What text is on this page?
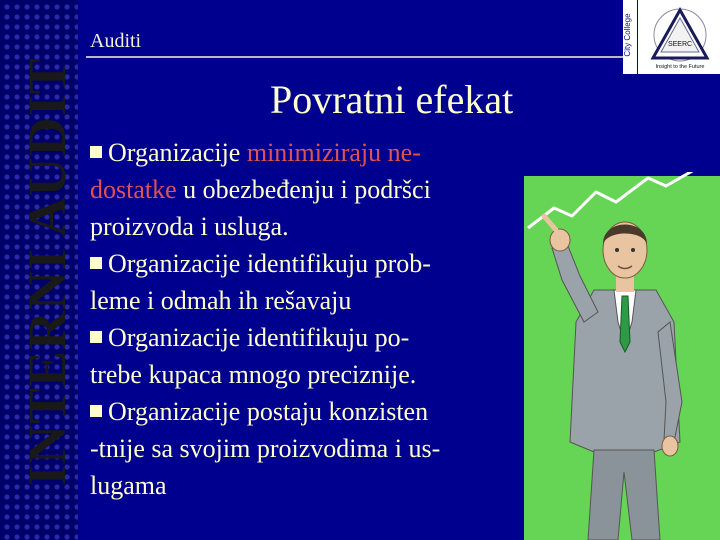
INTERNI AUDIT
Auditi	City College	SEERC
Insight to the Future
Povratni efekat
Organizacije minimiziraju ne-
dostatke u obezbeđenju i podršci
proizvoda i usluga.
Organizacije identifikuju prob-
leme i odmah ih rešavaju
Organizacije identifikuju po-
trebe kupaca mnogo preciznije.
Organizacije postaju konzisten
-tnije sa svojim proizvodima i us-
lugama
